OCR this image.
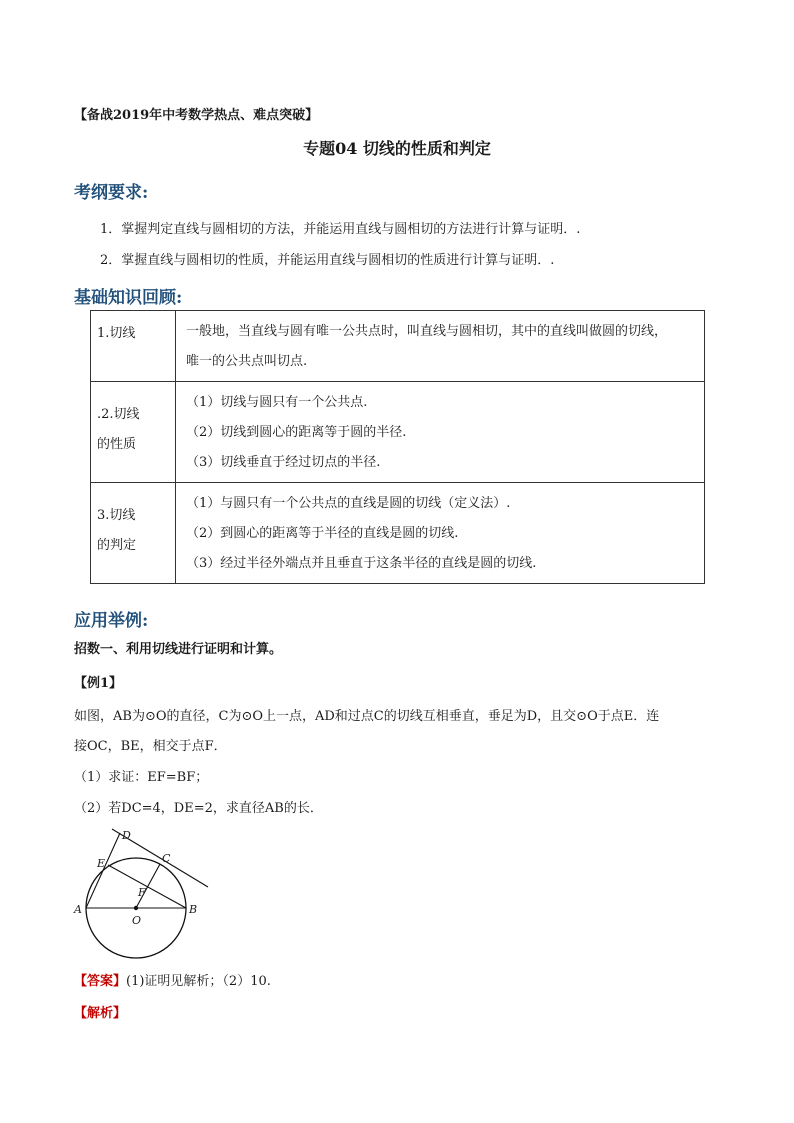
【备战2019年中考数学热点、难点突破】
专题04 切线的性质和判定
考纲要求:
1．掌握判定直线与圆相切的方法，并能运用直线与圆相切的方法进行计算与证明．.
2．掌握直线与圆相切的性质，并能运用直线与圆相切的性质进行计算与证明．.
基础知识回顾:
1.切线	一般地，当直线与圆有唯一公共点时，叫直线与圆相切，其中的直线叫做圆的切线，
唯一的公共点叫切点.

.2.切线
的性质	（1）切线与圆只有一个公共点.
（2）切线到圆心的距离等于圆的半径.
（3）切线垂直于经过切点的半径.

3.切线
的判定	（1）与圆只有一个公共点的直线是圆的切线（定义法）.
（2）到圆心的距离等于半径的直线是圆的切线.
（3）经过半径外端点并且垂直于这条半径的直线是圆的切线.
应用举例:
招数一、利用切线进行证明和计算。
【例1】
如图，AB为⊙O的直径，C为⊙O上一点，AD和过点C的切线互相垂直，垂足为D，且交⊙O于点E．连
接OC，BE，相交于点F．
（1）求证：EF=BF；
（2）若DC=4，DE=2，求直径AB的长．
D
E	C
F
A	B
O
【答案】(1)证明见解析；（2）10.
【解析】
